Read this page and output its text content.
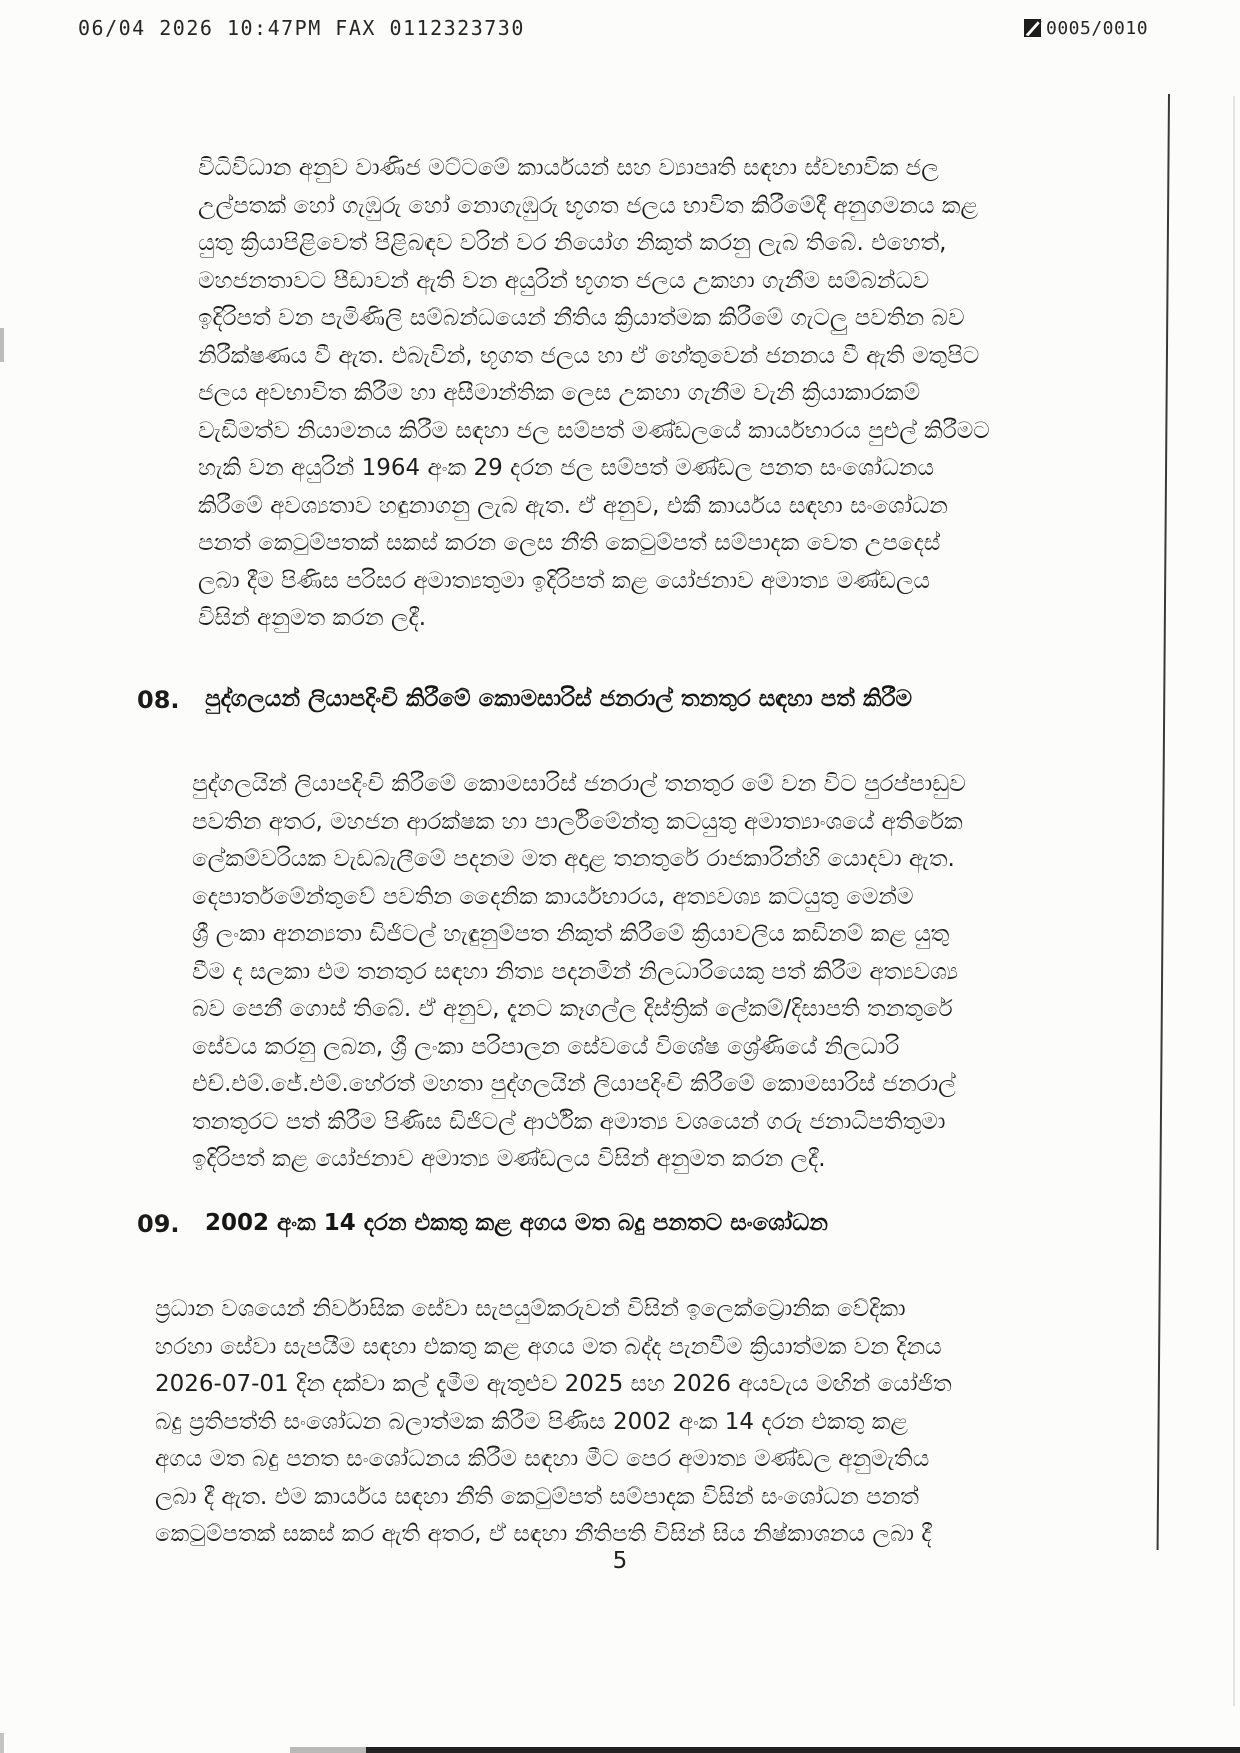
06/04 2026 10:47PM FAX 0112323730	0005/0010
විධිවිධාන අනුව වාණිජ මට්ටමේ කාර්යයන් සහ ව්‍යාපෘති සඳහා ස්වභාවික ජල
උල්පතක් හෝ ගැඹුරු හෝ නොගැඹුරු භූගත ජලය භාවිත කිරීමේදී අනුගමනය කළ
යුතු ක්‍රියාපිළිවෙත් පිළිබඳව වරින් වර නියෝග නිකුත් කරනු ලැබ තිබේ. එහෙත්,
මහජනතාවට පීඩාවන් ඇති වන අයුරින් භූගත ජලය උකහා ගැනීම සම්බන්ධව
ඉදිරිපත් වන පැමිණිලි සම්බන්ධයෙන් නීතිය ක්‍රියාත්මක කිරීමේ ගැටලු පවතින බව
නිරීක්ෂණය වී ඇත. එබැවින්, භූගත ජලය හා ඒ හේතුවෙන් ජනනය වී ඇති මතුපිට
ජලය අවභාවිත කිරීම හා අසීමාන්තික ලෙස උකහා ගැනීම වැනි ක්‍රියාකාරකම්
වැඩිමත්ව නියාමනය කිරීම සඳහා ජල සම්පත් මණ්ඩලයේ කාර්යභාරය පුළුල් කිරීමට
හැකි වන අයුරින් 1964 අංක 29 දරන ජල සම්පත් මණ්ඩල පනත සංශෝධනය
කිරීමේ අවශ්‍යතාව හඳුනාගනු ලැබ ඇත. ඒ අනුව, එකී කාර්යය සඳහා සංශෝධන
පනත් කෙටුම්පතක් සකස් කරන ලෙස නීති කෙටුම්පත් සම්පාදක වෙත උපදෙස්
ලබා දීම පිණිස පරිසර අමාත්‍යතුමා ඉදිරිපත් කළ යෝජනාව අමාත්‍ය මණ්ඩලය
විසින් අනුමත කරන ලදී.
08. පුද්ගලයන් ලියාපදිංචි කිරීමේ කොමසාරිස් ජනරාල් තනතුර සඳහා පත් කිරීම
පුද්ගලයින් ලියාපදිංචි කිරීමේ කොමසාරිස් ජනරාල් තනතුර මේ වන විට පුරප්පාඩුව
පවතින අතර, මහජන ආරක්ෂක හා පාර්ලිමේන්තු කටයුතු අමාත්‍යාංශයේ අතිරේක
ලේකම්වරියක වැඩබැලීමේ පදනම මත අදාළ තනතුරේ රාජකාරින්හි යොදවා ඇත.
දෙපාර්තමේන්තුවේ පවතින දෛනික කාර්යභාරය, අත්‍යවශ්‍ය කටයුතු මෙන්ම
ශ්‍රී ලංකා අනන්‍යතා ඩිජිටල් හැඳුනුම්පත නිකුත් කිරීමේ ක්‍රියාවලිය කඩිනම් කළ යුතු
වීම ද සලකා එම තනතුර සඳහා නිත්‍ය පදනමින් නිලධාරියෙකු පත් කිරීම අත්‍යවශ්‍ය
බව පෙනී ගොස් තිබේ. ඒ අනුව, දැනට කෑගල්ල දිස්ත්‍රික් ලේකම්/දිසාපති තනතුරේ
සේවය කරනු ලබන, ශ්‍රී ලංකා පරිපාලන සේවයේ විශේෂ ශ්‍රේණියේ නිලධාරි
එච්.එම්.ජේ.එම්.හේරත් මහතා පුද්ගලයින් ලියාපදිංචි කිරීමේ කොමසාරිස් ජනරාල්
තනතුරට පත් කිරීම පිණිස ඩිජිටල් ආර්ථික අමාත්‍ය වශයෙන් ගරු ජනාධිපතිතුමා
ඉදිරිපත් කළ යෝජනාව අමාත්‍ය මණ්ඩලය විසින් අනුමත කරන ලදී.
09. 2002 අංක 14 දරන එකතු කළ අගය මත බදු පනතට සංශෝධන
ප්‍රධාන වශයෙන් නිර්වාසික සේවා සැපයුම්කරුවන් විසින් ඉලෙක්ට්‍රොනික වේදිකා
හරහා සේවා සැපයීම සඳහා එකතු කළ අගය මත බද්ද පැනවීම ක්‍රියාත්මක වන දිනය
2026-07-01 දින දක්වා කල් දැමීම ඇතුළුව 2025 සහ 2026 අයවැය මඟින් යෝජිත
බදු ප්‍රතිපත්ති සංශෝධන බලාත්මක කිරීම පිණිස 2002 අංක 14 දරන එකතු කළ
අගය මත බදු පනත සංශෝධනය කිරීම සඳහා මීට පෙර අමාත්‍ය මණ්ඩල අනුමැතිය
ලබා දී ඇත. එම කාර්යය සඳහා නීති කෙටුම්පත් සම්පාදක විසින් සංශෝධන පනත්
කෙටුම්පතක් සකස් කර ඇති අතර, ඒ සඳහා නීතිපති විසින් සිය නිෂ්කාශනය ලබා දී
5
